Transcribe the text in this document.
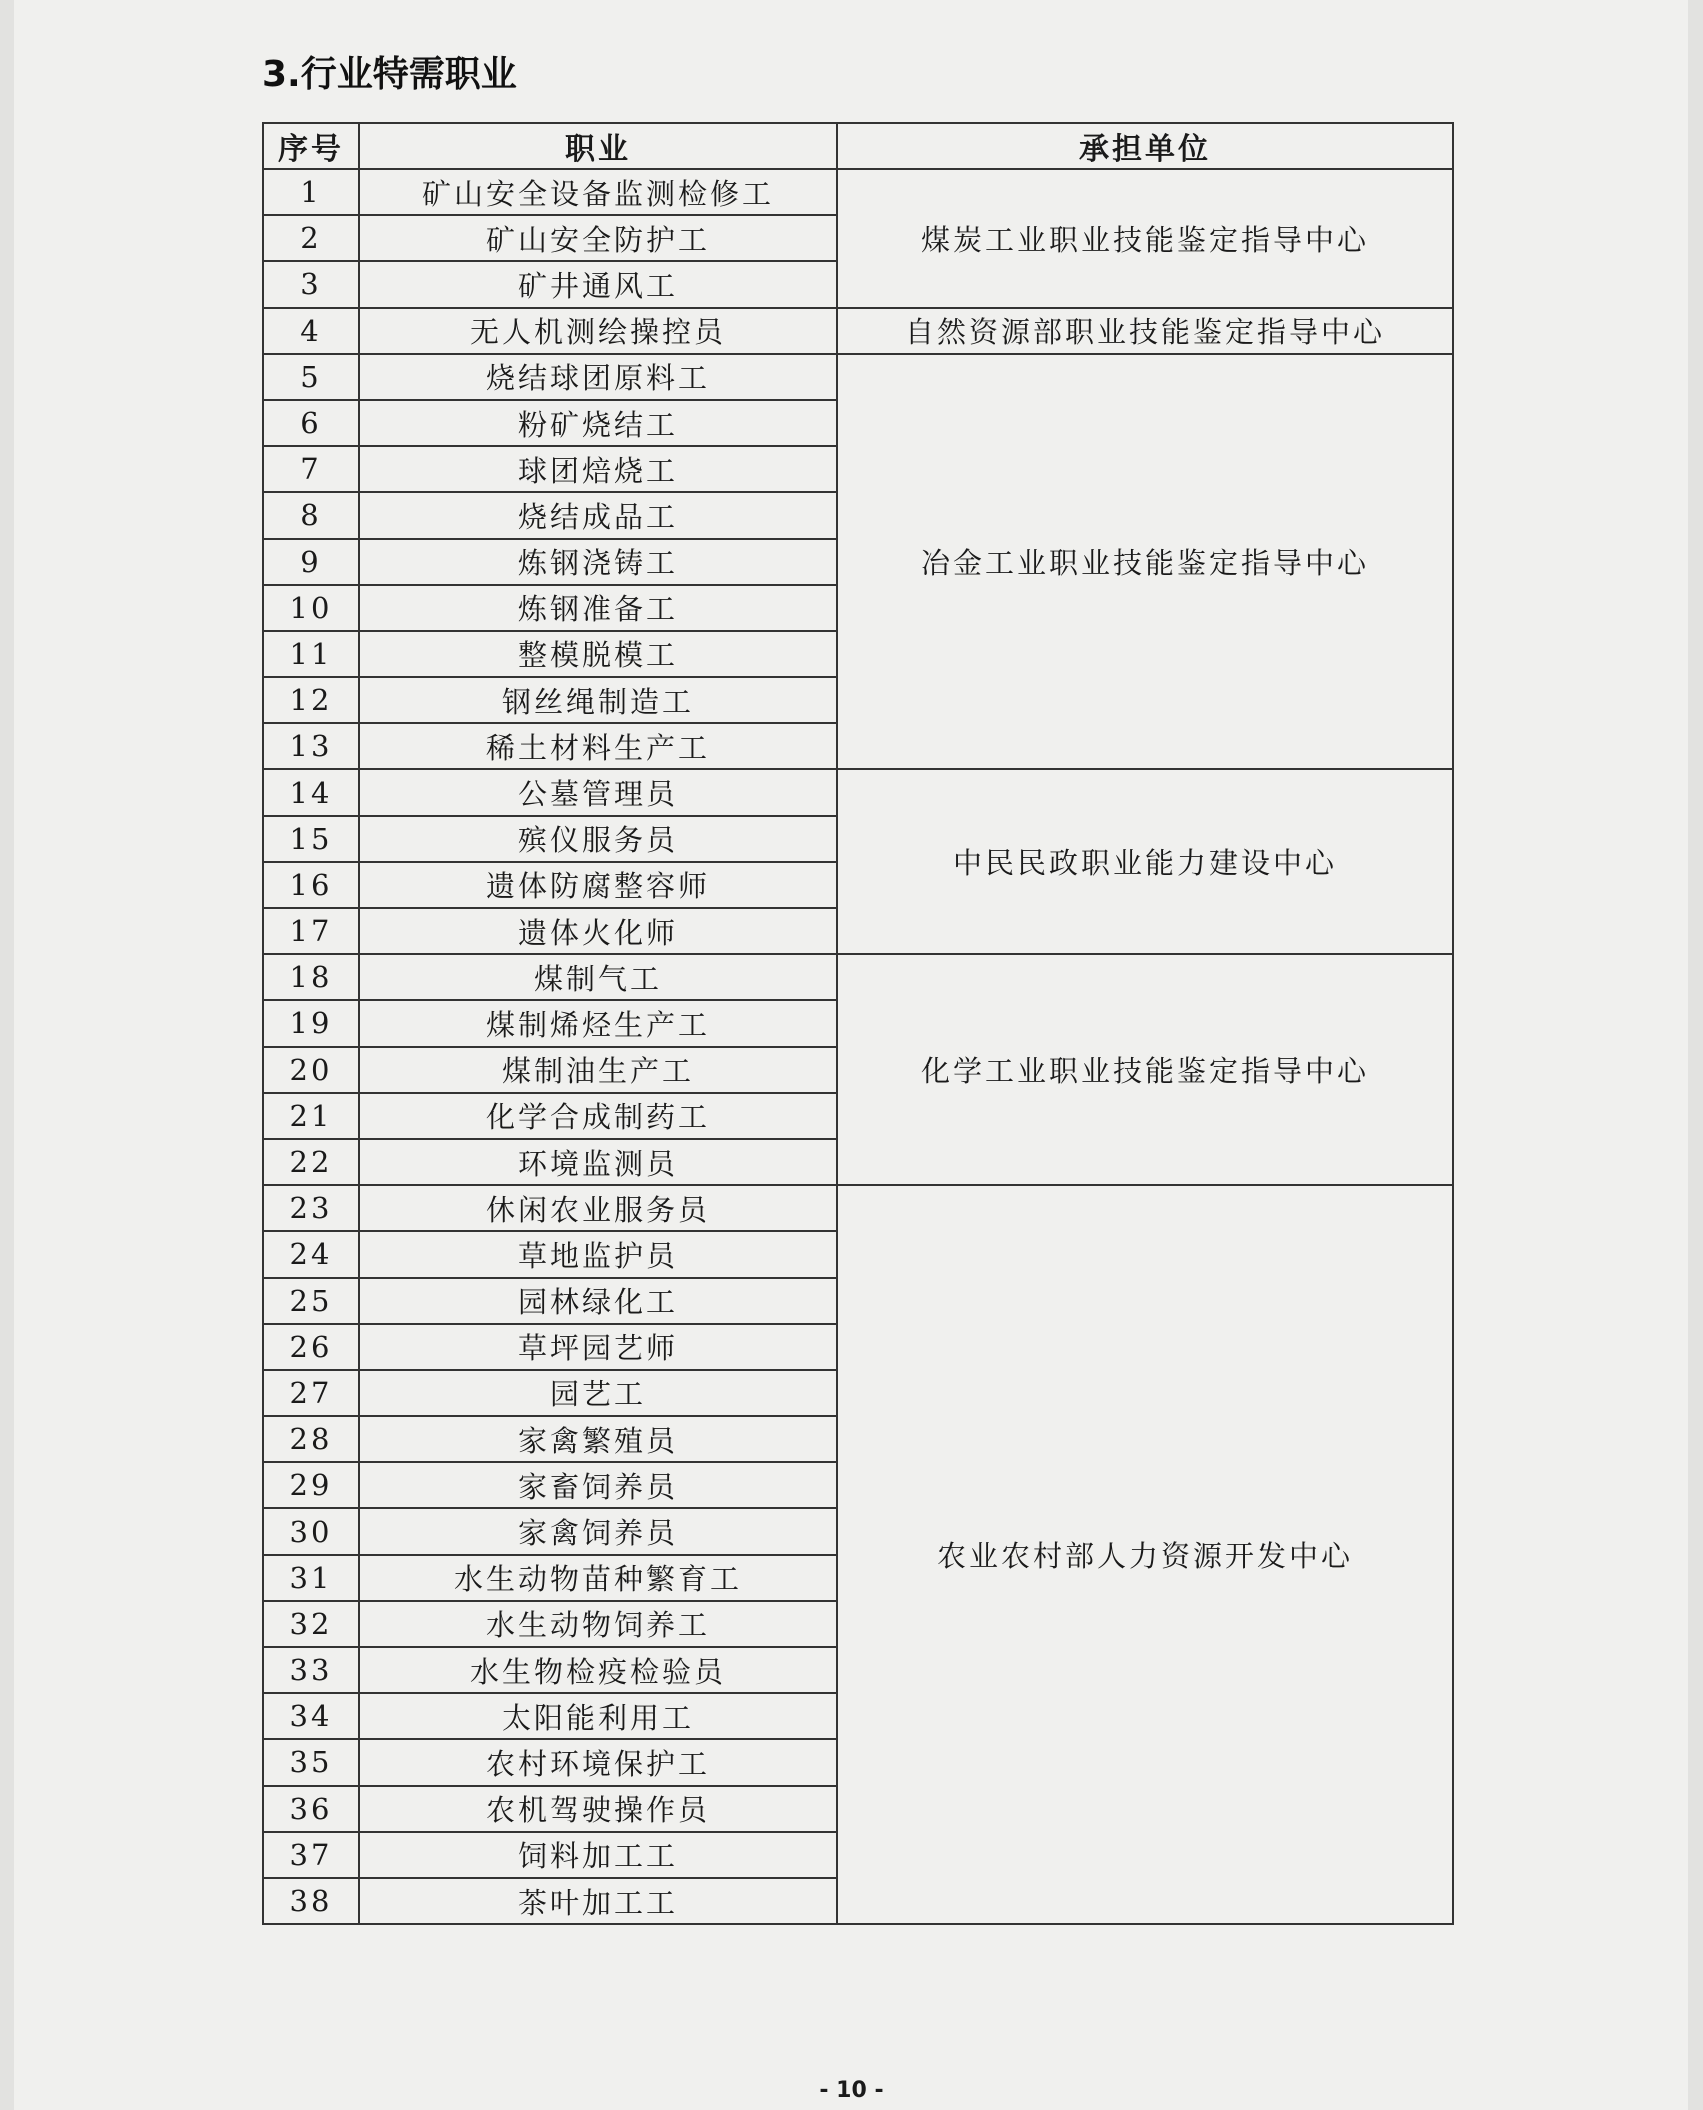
3.行业特需职业
序号	职业	承担单位
1	矿山安全设备监测检修工	煤炭工业职业技能鉴定指导中心
2	矿山安全防护工	
3	矿井通风工	
4	无人机测绘操控员	自然资源部职业技能鉴定指导中心
5	烧结球团原料工	冶金工业职业技能鉴定指导中心
6	粉矿烧结工	
7	球团焙烧工	
8	烧结成品工	
9	炼钢浇铸工	
10	炼钢准备工	
11	整模脱模工	
12	钢丝绳制造工	
13	稀土材料生产工	
14	公墓管理员	中民民政职业能力建设中心
15	殡仪服务员	
16	遗体防腐整容师	
17	遗体火化师	
18	煤制气工	化学工业职业技能鉴定指导中心
19	煤制烯烃生产工	
20	煤制油生产工	
21	化学合成制药工	
22	环境监测员	
23	休闲农业服务员	农业农村部人力资源开发中心
24	草地监护员	
25	园林绿化工	
26	草坪园艺师	
27	园艺工	
28	家禽繁殖员	
29	家畜饲养员	
30	家禽饲养员	
31	水生动物苗种繁育工	
32	水生动物饲养工	
33	水生物检疫检验员	
34	太阳能利用工	
35	农村环境保护工	
36	农机驾驶操作员	
37	饲料加工工	
38	茶叶加工工	
- 10 -
